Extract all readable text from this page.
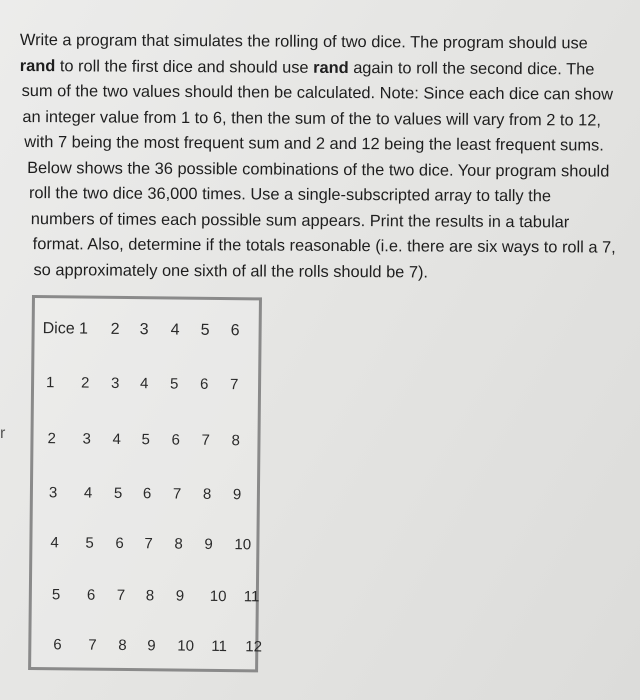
r
Write a program that simulates the rolling of two dice. The program should use
rand to roll the first dice and should use rand again to roll the second dice. The
sum of the two values should then be calculated. Note: Since each dice can show
an integer value from 1 to 6, then the sum of the to values will vary from 2 to 12,
with 7 being the most frequent sum and 2 and 12 being the least frequent sums.
Below shows the 36 possible combinations of the two dice. Your program should
roll the two dice 36,000 times. Use a single-subscripted array to tally the
numbers of times each possible sum appears. Print the results in a tabular
format. Also, determine if the totals reasonable (i.e. there are six ways to roll a 7,
so approximately one sixth of all the rolls should be 7).
Dice 1 2 3 4 5 6
1 2 3 4 5 6 7
2 3 4 5 6 7 8
3 4 5 6 7 8 9
4 5 6 7 8 9 10
5 6 7 8 9 10 11
6 7 8 9 10 11 12
